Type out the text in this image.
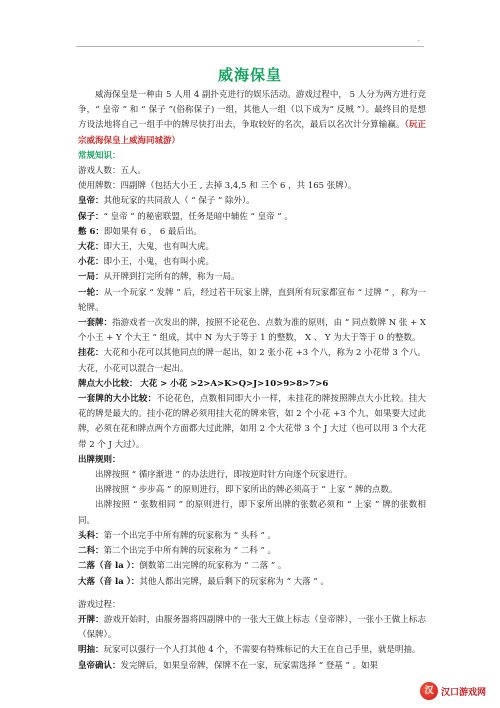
.
威海保皇

威海保皇是一种由 5 人用 4 副扑克进行的娱乐活动。游戏过程中， 5 人分为两方进行竞争，“ 皇帝 ” 和 “ 保子 ”(俗称保子) 一组，其他人一组（以下成为“ 反贼 ”）。最终目的是想方设法地将自己一组手中的牌尽快打出去，争取较好的名次，最后以名次计分算输赢。（玩正宗威海保皇上威海同城游）

常规知识：

游戏人数：五人。

使用牌数：四副牌（包括大小王 , 去掉 3,4,5 和 三个 6 ，共 165 张牌）。

皇帝：其他玩家的共同敌人（ “ 保子 ” 除外）。

保子：“ 皇帝 ” 的秘密联盟，任务是暗中辅佐 “ 皇帝 ” 。

憋 6：即如果有 6 ， 6 最后出。

大花：即大王，大鬼，也有叫大虎。

小花：即小王，小鬼，也有叫小虎。

一局：从开牌到打完所有的牌，称为一局。

一轮：从一个玩家 “ 发牌 ” 后，经过若干玩家上牌，直到所有玩家都宣布 “ 过牌 ” ，称为一轮牌。

一套牌：指游戏者一次发出的牌，按照不论花色、点数为准的原则，由 “ 同点数牌 N 张 + X 个小王 + Y 个大王 ” 组成，其中 N 为大于等于 1 的整数， X 、 Y 为大于等于 0 的整数。

挂花：大花和小花可以其他同点的牌一起出，如 2 张小花 +3 个八，称为 2 小花带 3 个八。大花，小花可以混合一起出。

牌点大小比较： 大花 > 小花 >2>A>K>Q>J>10>9>8>7>6

一套牌的大小比较：不论花色，点数相同即大小一样，未挂花的牌按照牌点大小比较。挂大花的牌是最大的。挂小花的牌必须用挂大花的牌来管，如 2 个小花 +3 个九，如果要大过此牌，必须在花和牌点两个方面都大过此牌，如用 2 个大花带 3 个 J 大过（也可以用 3 个大花带 2 个 J 大过）。

出牌规则：

出牌按照 “ 循序渐进 ” 的办法进行，即按逆时针方向逐个玩家进行。

出牌按照 “ 步步高 ” 的原则进行，即下家所出的牌必须高于 “ 上家 ” 牌的点数。

出牌按照 “ 张数相同 ” 的原则进行，即下家所出牌的张数必须和 “ 上家 ” 牌的张数相同。

头科：第一个出完手中所有牌的玩家称为 “ 头科 ” 。

二科：第二个出完手中所有牌的玩家称为 “ 二科 ” 。

二落（音 la ）：倒数第二出完牌的玩家称为 “ 二落 ” 。

大落（音 la ）：其他人都出完牌，最后剩下的玩家称为 “ 大落 ” 。

游戏过程：

开牌：游戏开始时，由服务器将四副牌中的一张大王做上标志（皇帝牌），一张小王做上标志（保牌）。

明抽：玩家可以强行一个人打其他 4 个，不需要有特殊标记的大王在自己手里，就是明抽。

皇帝确认：发完牌后，如果皇帝牌，保牌不在一家，玩家需选择 “ 登基 ” 。如果

.
汉 汉口游戏网
